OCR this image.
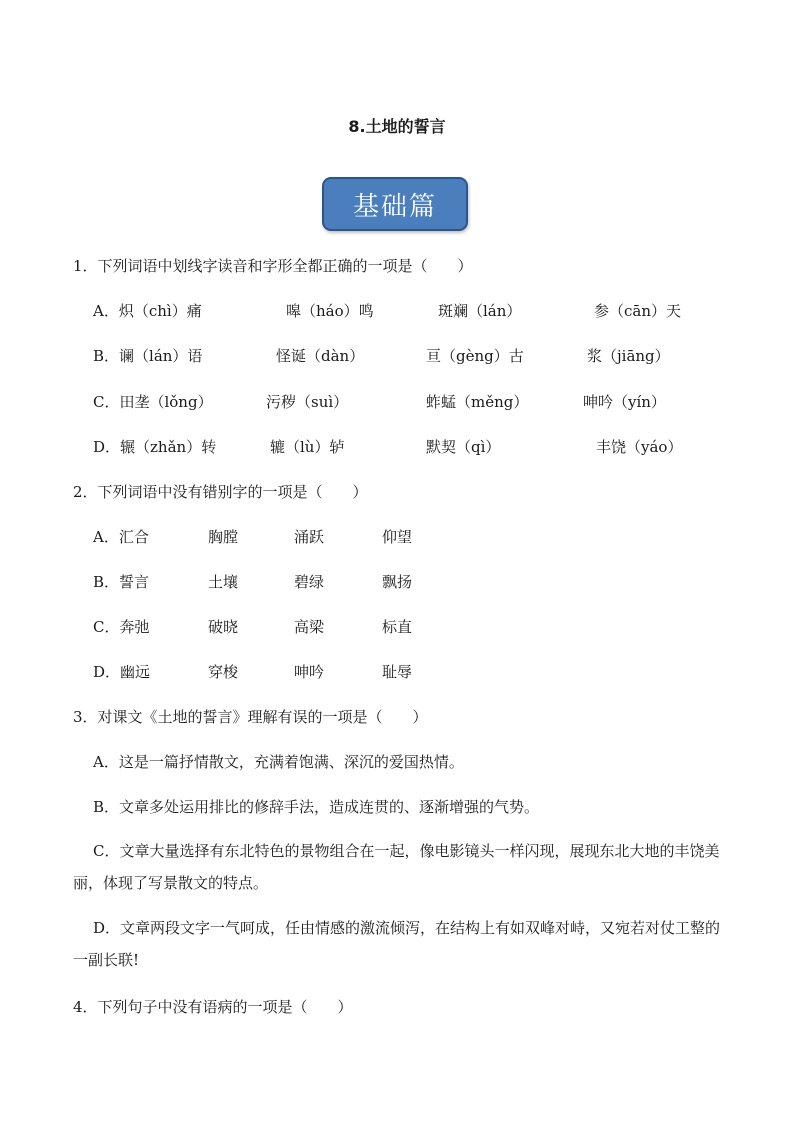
8.土地的誓言
基础篇

1．下列词语中划线字读音和字形全都正确的一项是（　　）

A．炽（chì）痛	嗥（háo）鸣	斑斓（lán）	参（cān）天
B．谰（lán）语	怪诞（dàn）	亘（gèng）古	浆（jiāng）
C．田垄（lǒng）	污秽（suì）	蚱蜢（měng）	呻吟（yín）
D．辗（zhǎn）转	辘（lù）轳	默契（qì）	丰饶（yáo）

2．下列词语中没有错别字的一项是（　　）

A．汇合	胸膛	涌跃	仰望
B．誓言	土壤	碧绿	飘扬
C．奔弛	破晓	高梁	标直
D．幽远	穿梭	呻吟	耻辱

3．对课文《土地的誓言》理解有误的一项是（　　）

A．这是一篇抒情散文，充满着饱满、深沉的爱国热情。

B．文章多处运用排比的修辞手法，造成连贯的、逐渐增强的气势。

C．文章大量选择有东北特色的景物组合在一起，像电影镜头一样闪现，展现东北大地的丰饶美丽，体现了写景散文的特点。

D．文章两段文字一气呵成，任由情感的激流倾泻，在结构上有如双峰对峙，又宛若对仗工整的一副长联!

4．下列句子中没有语病的一项是（　　）
